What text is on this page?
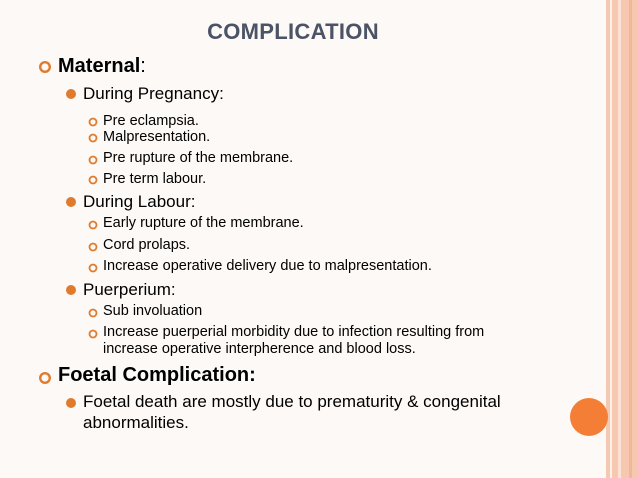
COMPLICATION
Maternal:
During Pregnancy:
Pre eclampsia.
Malpresentation.
Pre rupture of the membrane.
Pre term labour.
During Labour:
Early rupture of the membrane.
Cord prolaps.
Increase operative delivery due to malpresentation.
Puerperium:
Sub involuation
Increase puerperial morbidity due to infection resulting from
increase operative interpherence and blood loss.
Foetal Complication:
Foetal death are mostly due to prematurity & congenital
abnormalities.
